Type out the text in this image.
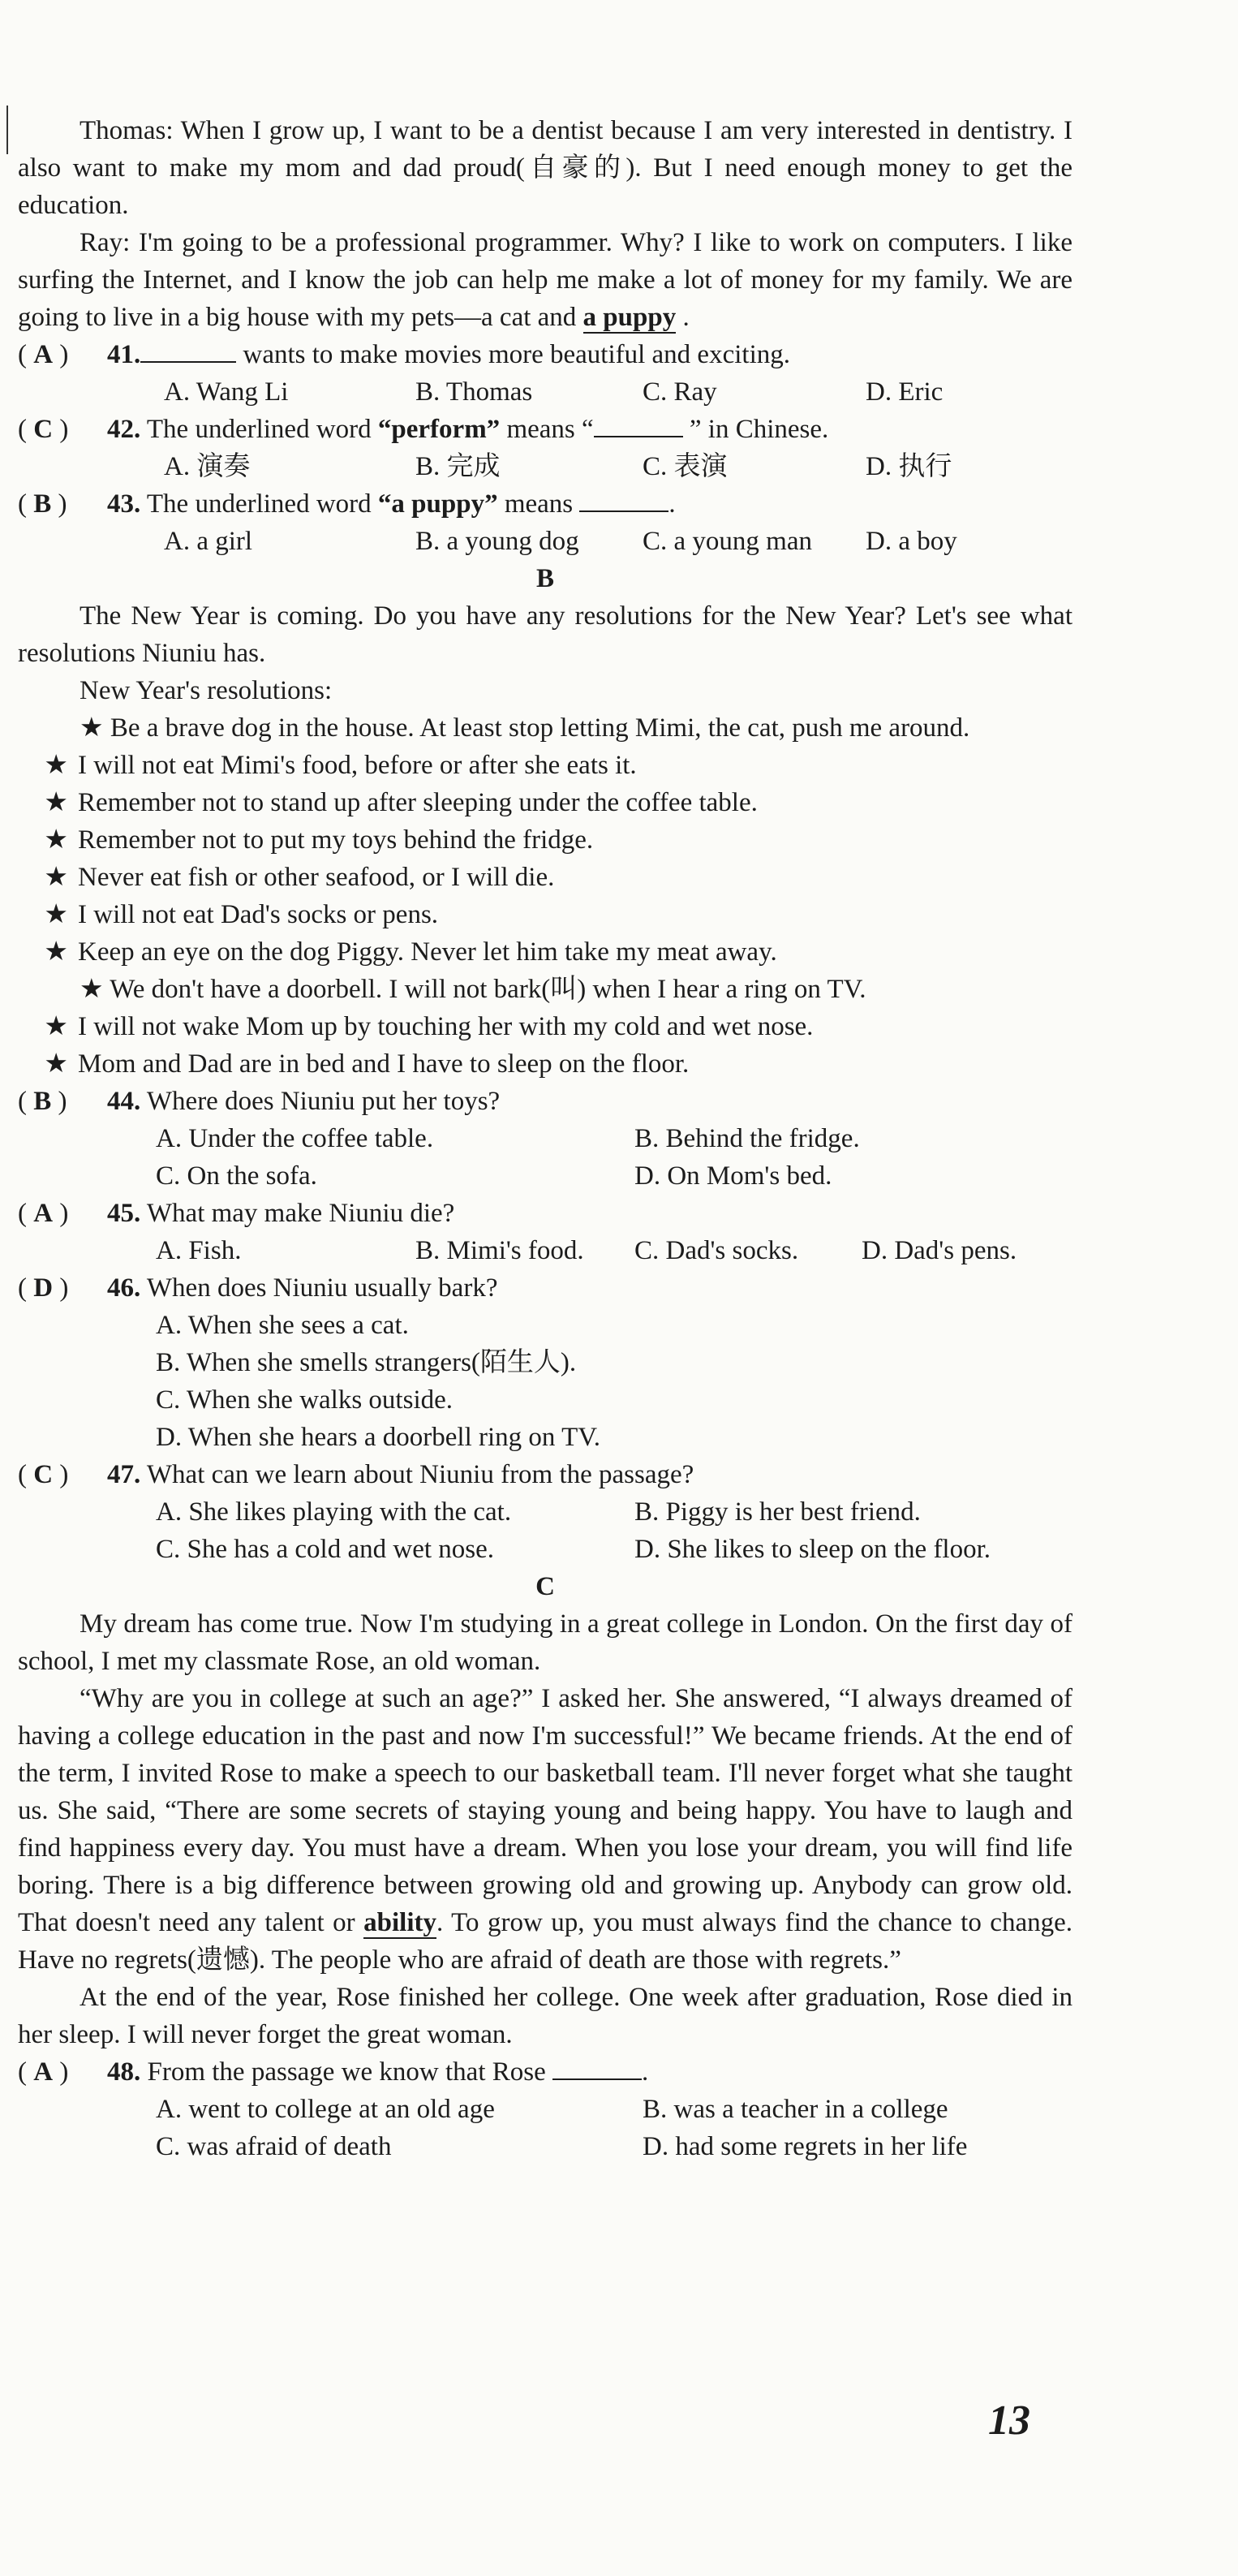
Thomas: When I grow up, I want to be a dentist because I am very interested in dentistry. I also want to make my mom and dad proud(自豪的). But I need enough money to get the education.

Ray: I'm going to be a professional programmer. Why? I like to work on computers. I like surfing the Internet, and I know the job can help me make a lot of money for my family. We are going to live in a big house with my pets—a cat and a puppy .

( A )	41.	wants to make movies more beautiful and exciting.

A. Wang Li	B. Thomas	C. Ray	D. Eric

( C )	42. The underlined word “perform” means “	” in Chinese.

A. 演奏	B. 完成	C. 表演	D. 执行

( B )	43. The underlined word “a puppy” means	.

A. a girl	B. a young dog	C. a young man	D. a boy

B

The New Year is coming. Do you have any resolutions for the New Year? Let's see what resolutions Niuniu has.

New Year's resolutions:

★ Be a brave dog in the house. At least stop letting Mimi, the cat, push me around.

★ I will not eat Mimi's food, before or after she eats it.

★ Remember not to stand up after sleeping under the coffee table.

★ Remember not to put my toys behind the fridge.

★ Never eat fish or other seafood, or I will die.

★ I will not eat Dad's socks or pens.

★ Keep an eye on the dog Piggy. Never let him take my meat away.

★ We don't have a doorbell. I will not bark(叫) when I hear a ring on TV.

★ I will not wake Mom up by touching her with my cold and wet nose.

★ Mom and Dad are in bed and I have to sleep on the floor.

( B )	44. Where does Niuniu put her toys?

A. Under the coffee table.	B. Behind the fridge.
C. On the sofa.	D. On Mom's bed.

( A )	45. What may make Niuniu die?

A. Fish.	B. Mimi's food.	C. Dad's socks.	D. Dad's pens.

( D )	46. When does Niuniu usually bark?

A. When she sees a cat.
B. When she smells strangers(陌生人).
C. When she walks outside.
D. When she hears a doorbell ring on TV.

( C )	47. What can we learn about Niuniu from the passage?

A. She likes playing with the cat.	B. Piggy is her best friend.
C. She has a cold and wet nose.	D. She likes to sleep on the floor.

C

My dream has come true. Now I'm studying in a great college in London. On the first day of school, I met my classmate Rose, an old woman.

“Why are you in college at such an age?” I asked her. She answered, “I always dreamed of having a college education in the past and now I'm successful!” We became friends. At the end of the term, I invited Rose to make a speech to our basketball team. I'll never forget what she taught us. She said, “There are some secrets of staying young and being happy. You have to laugh and find happiness every day. You must have a dream. When you lose your dream, you will find life boring. There is a big difference between growing old and growing up. Anybody can grow old. That doesn't need any talent or ability. To grow up, you must always find the chance to change. Have no regrets(遗憾). The people who are afraid of death are those with regrets.”

At the end of the year, Rose finished her college. One week after graduation, Rose died in her sleep. I will never forget the great woman.

( A )	48. From the passage we know that Rose	.

A. went to college at an old age	B. was a teacher in a college
C. was afraid of death	D. had some regrets in her life
13
